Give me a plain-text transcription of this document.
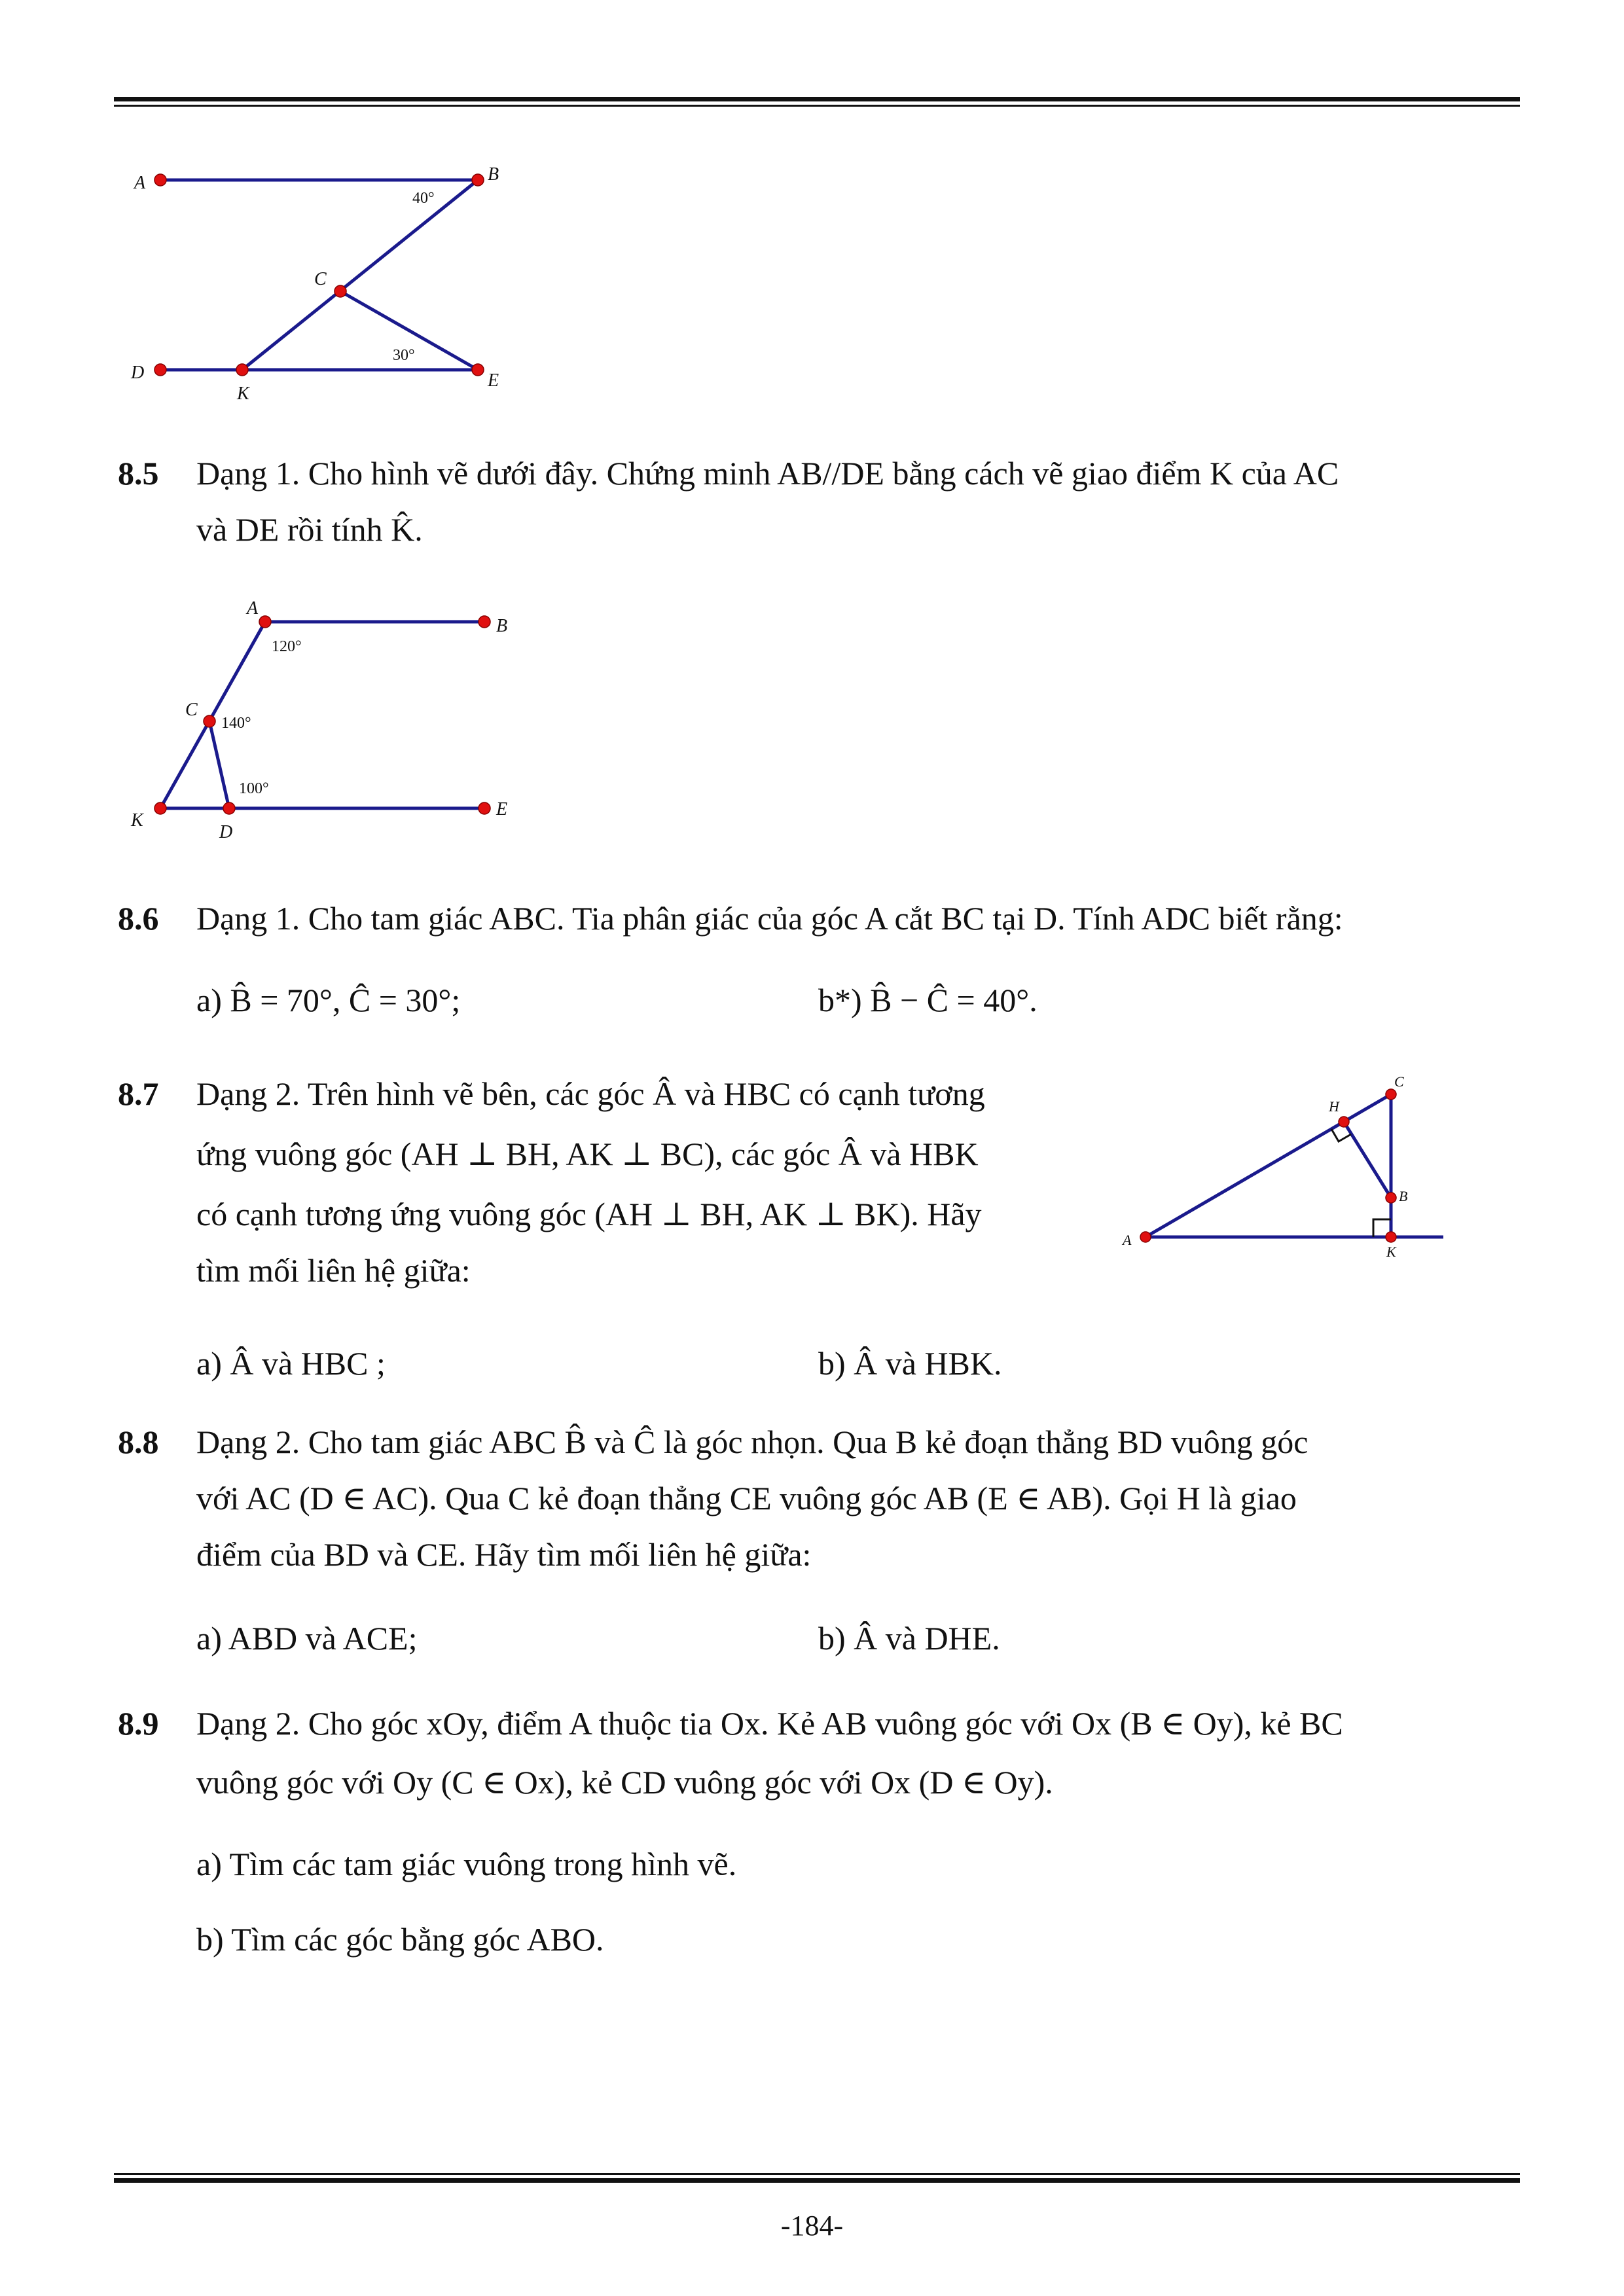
A	B
C
D
K
E
40°
30°
8.5 Dạng 1. Cho hình vẽ dưới đây. Chứng minh AB//DE bằng cách vẽ giao điểm K của AC
và DE rồi tính K̂.
A
B
C
K
D
E
120°
140°
100°
8.6 Dạng 1. Cho tam giác ABC. Tia phân giác của góc A cắt BC tại D. Tính ADC biết rằng:
a) B̂ = 70°, Ĉ = 30°;	b*) B̂ − Ĉ = 40°.
8.7 Dạng 2. Trên hình vẽ bên, các góc Â và HBC có cạnh tương
ứng vuông góc (AH ⊥ BH, AK ⊥ BC), các góc Â và HBK
có cạnh tương ứng vuông góc (AH ⊥ BH, AK ⊥ BK). Hãy
tìm mối liên hệ giữa:
a) Â và HBC ;	b) Â và HBK.
C
H
B
A
K
8.8 Dạng 2. Cho tam giác ABC B̂ và Ĉ là góc nhọn. Qua B kẻ đoạn thẳng BD vuông góc
với AC (D ∈ AC). Qua C kẻ đoạn thẳng CE vuông góc AB (E ∈ AB). Gọi H là giao
điểm của BD và CE. Hãy tìm mối liên hệ giữa:
a) ABD và ACE;	b) Â và DHE.
8.9 Dạng 2. Cho góc xOy, điểm A thuộc tia Ox. Kẻ AB vuông góc với Ox (B ∈ Oy), kẻ BC
vuông góc với Oy (C ∈ Ox), kẻ CD vuông góc với Ox (D ∈ Oy).
a) Tìm các tam giác vuông trong hình vẽ.
b) Tìm các góc bằng góc ABO.
-184-
